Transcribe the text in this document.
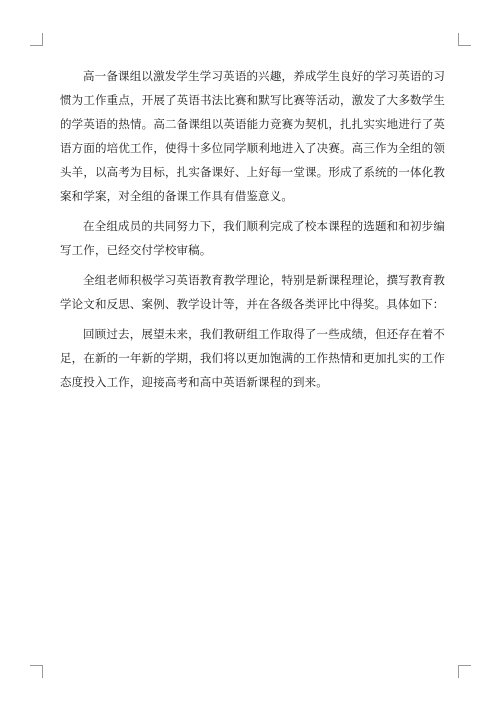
高一备课组以激发学生学习英语的兴趣，养成学生良好的学习英语的习惯为工作重点，开展了英语书法比赛和默写比赛等活动，激发了大多数学生的学英语的热情。高二备课组以英语能力竞赛为契机，扎扎实实地进行了英语方面的培优工作，使得十多位同学顺利地进入了决赛。高三作为全组的领头羊，以高考为目标，扎实备课好、上好每一堂课。形成了系统的一体化教案和学案，对全组的备课工作具有借鉴意义。

在全组成员的共同努力下，我们顺利完成了校本课程的选题和和初步编写工作，已经交付学校审稿。

全组老师积极学习英语教育教学理论，特别是新课程理论，撰写教育教学论文和反思、案例、教学设计等，并在各级各类评比中得奖。具体如下：

回顾过去，展望未来，我们教研组工作取得了一些成绩，但还存在着不足，在新的一年新的学期，我们将以更加饱满的工作热情和更加扎实的工作态度投入工作，迎接高考和高中英语新课程的到来。
